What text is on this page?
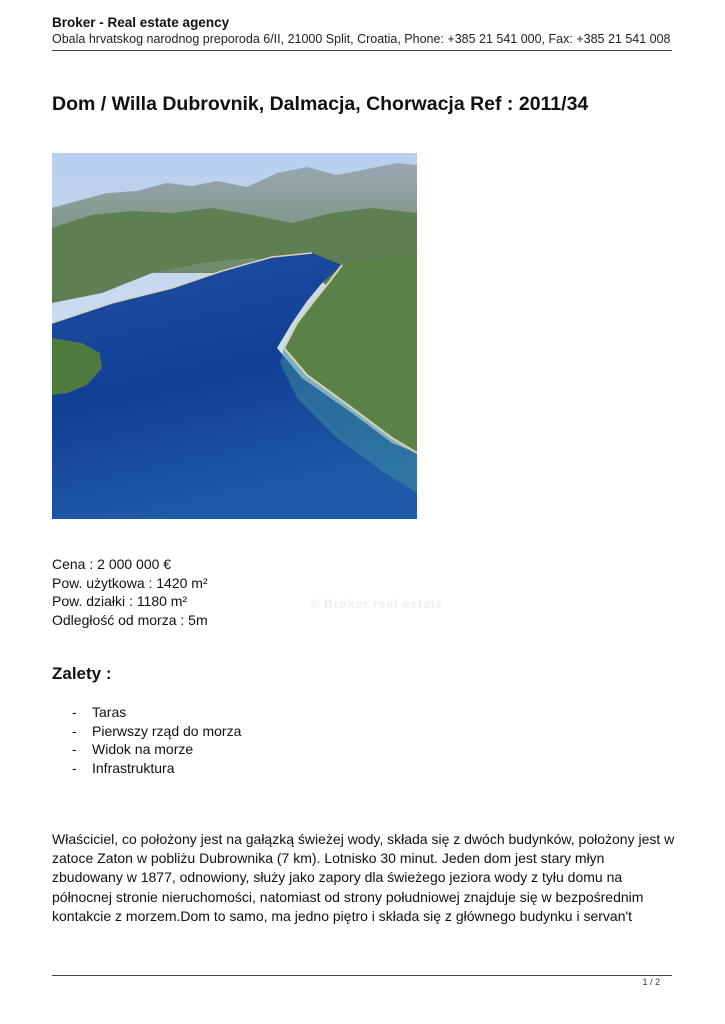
Broker - Real estate agency
Obala hrvatskog narodnog preporoda 6/II, 21000 Split, Croatia, Phone: +385 21 541 000, Fax: +385 21 541 008
Dom / Willa Dubrovnik, Dalmacja, Chorwacja Ref : 2011/34
© Broker real estate
Cena : 2 000 000 €
Pow. użytkowa : 1420 m²
Pow. działki : 1180 m²
Odległość od morza : 5m
Zalety :
- Taras
- Pierwszy rząd do morza
- Widok na morze
- Infrastruktura

Właściciel, co położony jest na gałązką świeżej wody, składa się z dwóch budynków, położony jest w zatoce Zaton w pobliżu Dubrownika (7 km). Lotnisko 30 minut. Jeden dom jest stary młyn zbudowany w 1877, odnowiony, służy jako zapory dla świeżego jeziora wody z tyłu domu na północnej stronie nieruchomości, natomiast od strony południowej znajduje się w bezpośrednim kontakcie z morzem.Dom to samo, ma jedno piętro i składa się z głównego budynku i servan't

1 / 2
